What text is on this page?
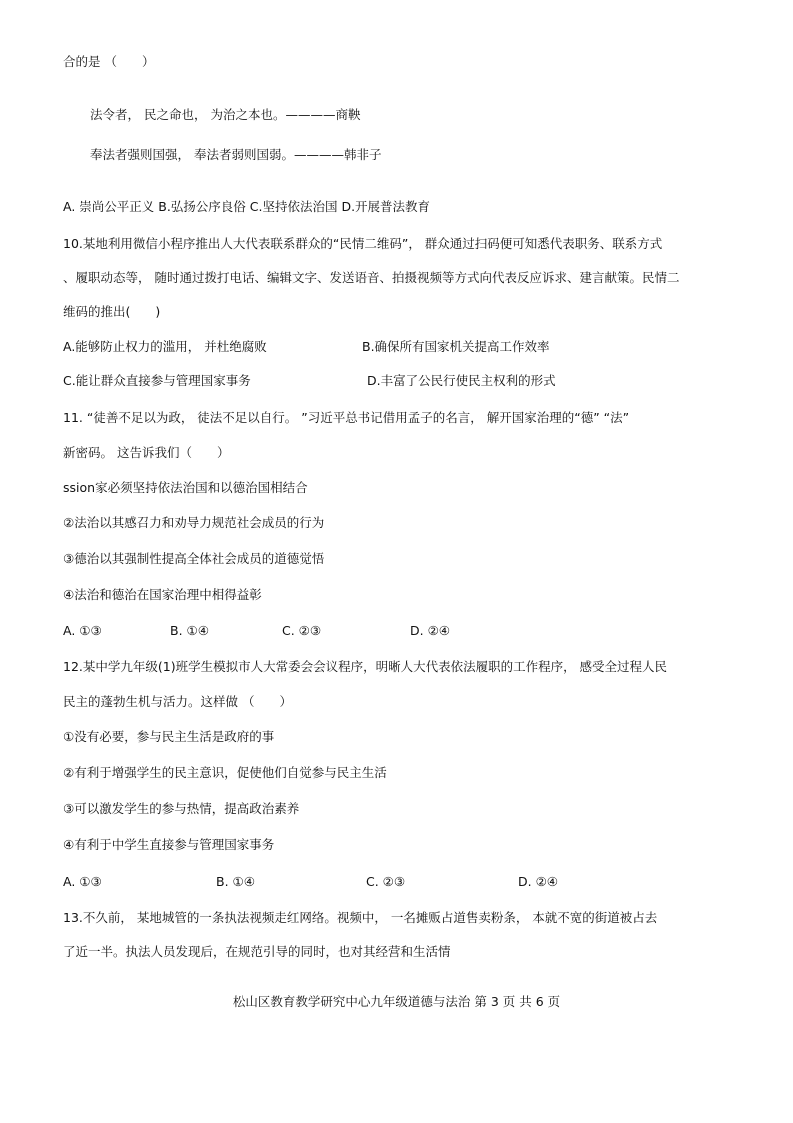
合的是 （　　）
法令者， 民之命也， 为治之本也。————商鞅
奉法者强则国强， 奉法者弱则国弱。————韩非子
A. 崇尚公平正义 B.弘扬公序良俗 C.坚持依法治国 D.开展普法教育
10.某地利用微信小程序推出人大代表联系群众的“民情二维码”， 群众通过扫码便可知悉代表职务、联系方式
、履职动态等， 随时通过拨打电话、编辑文字、发送语音、拍摄视频等方式向代表反应诉求、建言献策。民情二
维码的推出(　　)
A.能够防止权力的滥用， 并杜绝腐败	B.确保所有国家机关提高工作效率
C.能让群众直接参与管理国家事务	D.丰富了公民行使民主权利的形式
11. “徒善不足以为政， 徒法不足以自行。 ”习近平总书记借用孟子的名言， 解开国家治理的“德” “法”
新密码。 这告诉我们（　　）
ssion家必须坚持依法治国和以德治国相结合
②法治以其感召力和劝导力规范社会成员的行为
③德治以其强制性提高全体社会成员的道德觉悟
④法治和德治在国家治理中相得益彰
A. ①③	B. ①④	C. ②③	D. ②④
12.某中学九年级(1)班学生模拟市人大常委会会议程序，明晰人大代表依法履职的工作程序， 感受全过程人民
民主的蓬勃生机与活力。这样做 （　　）
①没有必要，参与民主生活是政府的事
②有利于增强学生的民主意识，促使他们自觉参与民主生活
③可以激发学生的参与热情，提高政治素养
④有利于中学生直接参与管理国家事务
A. ①③	B. ①④	C. ②③	D. ②④
13.不久前， 某地城管的一条执法视频走红网络。视频中， 一名摊贩占道售卖粉条， 本就不宽的街道被占去
了近一半。执法人员发现后，在规范引导的同时，也对其经营和生活情
松山区教育教学研究中心九年级道德与法治 第 3 页 共 6 页
